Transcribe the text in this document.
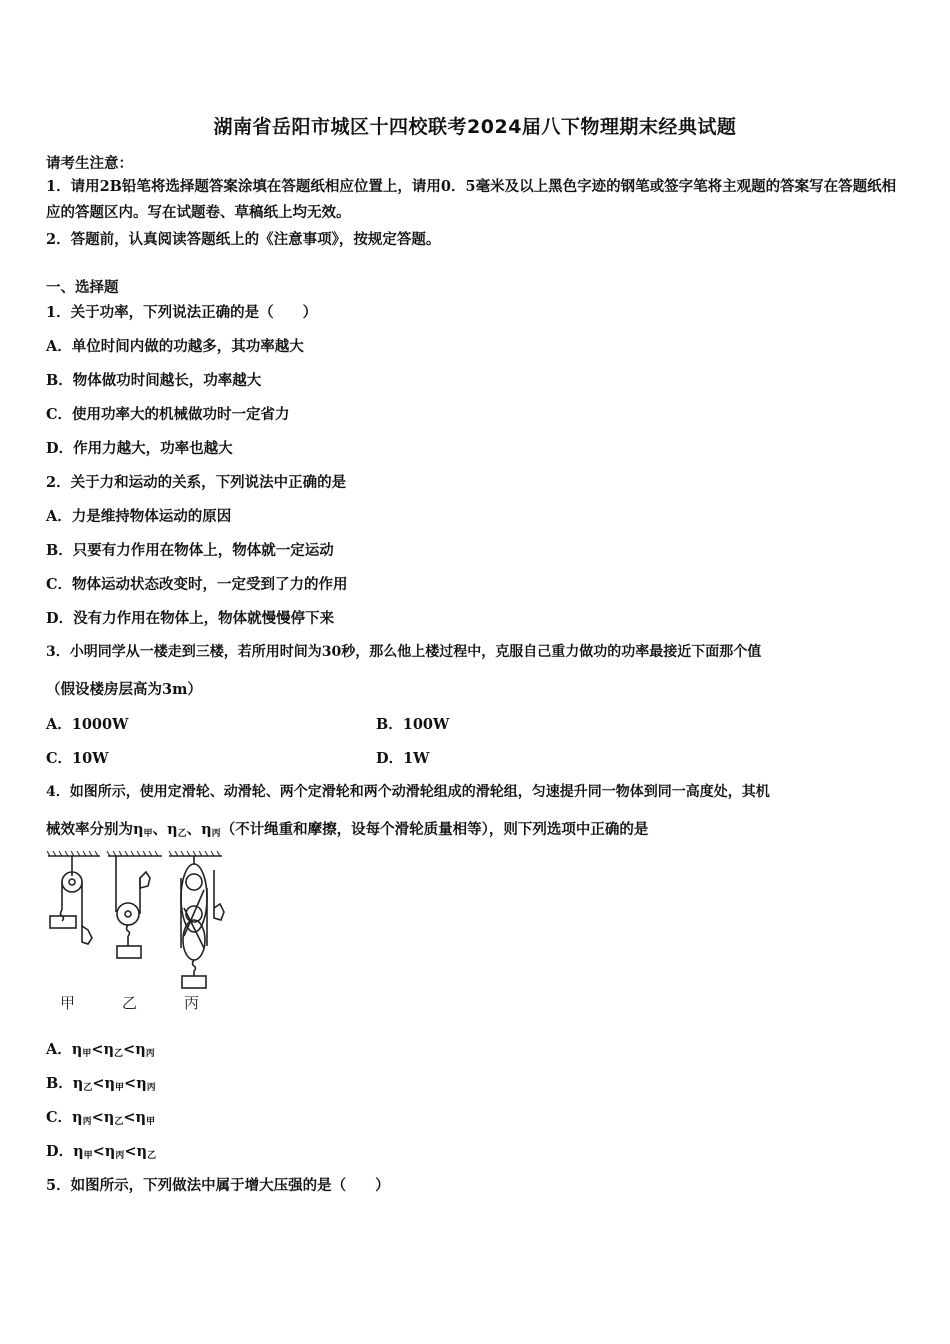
湖南省岳阳市城区十四校联考2024届八下物理期末经典试题
请考生注意：
1．请用2B铅笔将选择题答案涂填在答题纸相应位置上，请用0．5毫米及以上黑色字迹的钢笔或签字笔将主观题的答案写在答题纸相应的答题区内。写在试题卷、草稿纸上均无效。
2．答题前，认真阅读答题纸上的《注意事项》，按规定答题。
一、选择题
1．关于功率，下列说法正确的是（　　）
A．单位时间内做的功越多，其功率越大
B．物体做功时间越长，功率越大
C．使用功率大的机械做功时一定省力
D．作用力越大，功率也越大
2．关于力和运动的关系，下列说法中正确的是
A．力是维持物体运动的原因
B．只要有力作用在物体上，物体就一定运动
C．物体运动状态改变时，一定受到了力的作用
D．没有力作用在物体上，物体就慢慢停下来
3．小明同学从一楼走到三楼，若所用时间为30秒，那么他上楼过程中，克服自己重力做功的功率最接近下面那个值
（假设楼房层高为3m）
A．1000W	B．100W
C．10W	D．1W
4．如图所示，使用定滑轮、动滑轮、两个定滑轮和两个动滑轮组成的滑轮组，匀速提升同一物体到同一高度处，其机
械效率分别为$\eta_甲$、$\eta_乙$、$\eta_丙$（不计绳重和摩擦，设每个滑轮质量相等），则下列选项中正确的是
甲	乙	丙
A．$\eta_甲<\eta_乙<\eta_丙$
B．$\eta_乙<\eta_甲<\eta_丙$
C．$\eta_丙<\eta_乙<\eta_甲$
D．$\eta_甲<\eta_丙<\eta_乙$
5．如图所示，下列做法中属于增大压强的是（　　）
